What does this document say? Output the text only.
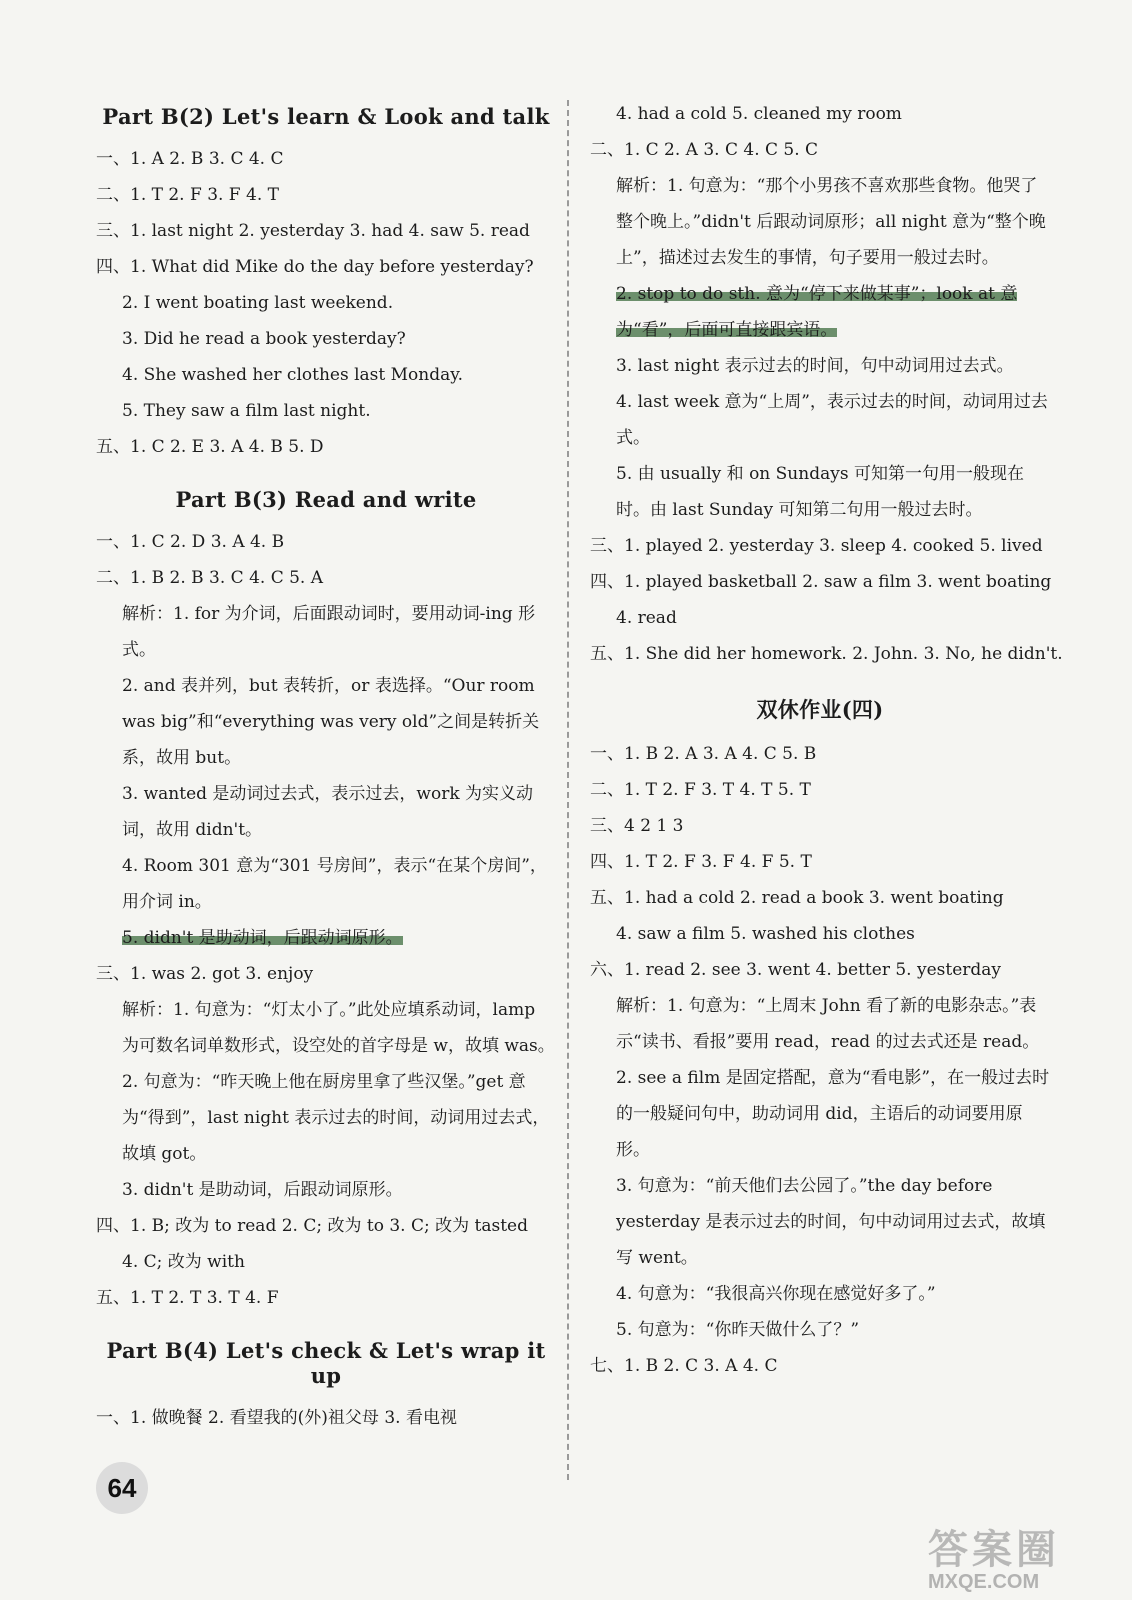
Part B(2) Let's learn & Look and talk
一、1. A 2. B 3. C 4. C
二、1. T 2. F 3. F 4. T
三、1. last night 2. yesterday 3. had 4. saw 5. read
四、1. What did Mike do the day before yesterday?
2. I went boating last weekend.
3. Did he read a book yesterday?
4. She washed her clothes last Monday.
5. They saw a film last night.
五、1. C 2. E 3. A 4. B 5. D
Part B(3) Read and write
一、1. C 2. D 3. A 4. B
二、1. B 2. B 3. C 4. C 5. A
解析：1. for 为介词，后面跟动词时，要用动词-ing 形式。
2. and 表并列，but 表转折，or 表选择。“Our room was big”和“everything was very old”之间是转折关系，故用 but。
3. wanted 是动词过去式，表示过去，work 为实义动词，故用 didn't。
4. Room 301 意为“301 号房间”，表示“在某个房间”，用介词 in。
5. didn't 是助动词，后跟动词原形。
三、1. was 2. got 3. enjoy
解析：1. 句意为：“灯太小了。”此处应填系动词，lamp 为可数名词单数形式，设空处的首字母是 w，故填 was。
2. 句意为：“昨天晚上他在厨房里拿了些汉堡。”get 意为“得到”，last night 表示过去的时间，动词用过去式，故填 got。
3. didn't 是助动词，后跟动词原形。
四、1. B; 改为 to read 2. C; 改为 to 3. C; 改为 tasted
4. C; 改为 with
五、1. T 2. T 3. T 4. F
Part B(4) Let's check & Let's wrap it up
一、1. 做晚餐 2. 看望我的(外)祖父母 3. 看电视
4. had a cold 5. cleaned my room
二、1. C 2. A 3. C 4. C 5. C
解析：1. 句意为：“那个小男孩不喜欢那些食物。他哭了整个晚上。”didn't 后跟动词原形；all night 意为“整个晚上”，描述过去发生的事情，句子要用一般过去时。
2. stop to do sth. 意为“停下来做某事”；look at 意为“看”，后面可直接跟宾语。
3. last night 表示过去的时间，句中动词用过去式。
4. last week 意为“上周”，表示过去的时间，动词用过去式。
5. 由 usually 和 on Sundays 可知第一句用一般现在时。由 last Sunday 可知第二句用一般过去时。
三、1. played 2. yesterday 3. sleep 4. cooked 5. lived
四、1. played basketball 2. saw a film 3. went boating
4. read
五、1. She did her homework. 2. John. 3. No, he didn't.
双休作业(四)
一、1. B 2. A 3. A 4. C 5. B
二、1. T 2. F 3. T 4. T 5. T
三、4 2 1 3
四、1. T 2. F 3. F 4. F 5. T
五、1. had a cold 2. read a book 3. went boating
4. saw a film 5. washed his clothes
六、1. read 2. see 3. went 4. better 5. yesterday
解析：1. 句意为：“上周末 John 看了新的电影杂志。”表示“读书、看报”要用 read，read 的过去式还是 read。
2. see a film 是固定搭配，意为“看电影”，在一般过去时的一般疑问句中，助动词用 did，主语后的动词要用原形。
3. 句意为：“前天他们去公园了。”the day before yesterday 是表示过去的时间，句中动词用过去式，故填写 went。
4. 句意为：“我很高兴你现在感觉好多了。”
5. 句意为：“你昨天做什么了？”
七、1. B 2. C 3. A 4. C
64
答案圈
MXQE.COM
